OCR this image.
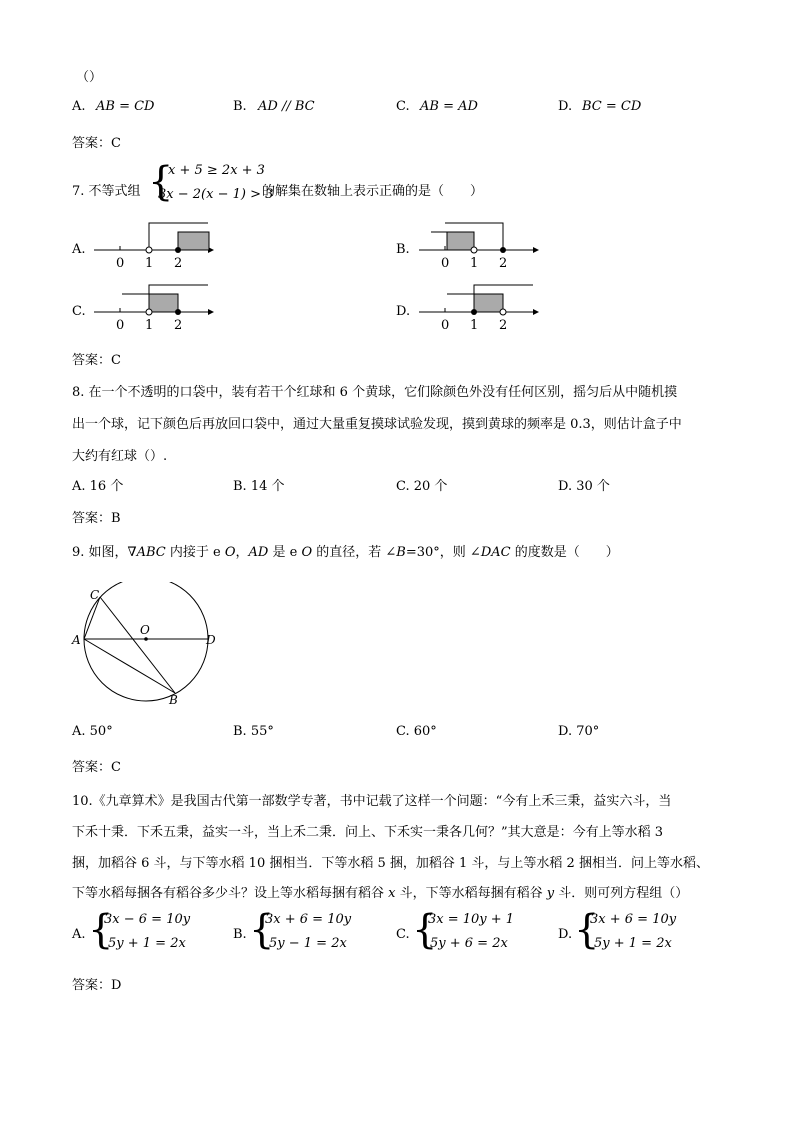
（）
A. AB = CD	B. AD // BC	C. AB = AD	D. BC = CD
答案：C
7. 不等式组 {
x + 5 ≥ 2x + 3
3x − 2(x − 1) > 3
的解集在数轴上表示正确的是（　　）
A.
0 1 2
B.
0 1 2
C.
0 1 2
D.
0 1 2
答案：C
8. 在一个不透明的口袋中，装有若干个红球和 6 个黄球，它们除颜色外没有任何区别，摇匀后从中随机摸
出一个球，记下颜色后再放回口袋中，通过大量重复摸球试验发现，摸到黄球的频率是 0.3，则估计盒子中
大约有红球（）.
A. 16 个	B. 14 个	C. 20 个	D. 30 个
答案：B
9. 如图，∇ABC 内接于 e O，AD 是 e O 的直径，若 ∠B=30°，则 ∠DAC 的度数是（　　）
C
O
A	D
B
A. 50°	B. 55°	C. 60°	D. 70°
答案：C
10.《九章算术》是我国古代第一部数学专著，书中记载了这样一个问题：“今有上禾三秉，益实六斗，当
下禾十秉．下禾五秉，益实一斗，当上禾二秉．问上、下禾实一秉各几何？”其大意是：今有上等水稻 3
捆，加稻谷 6 斗，与下等水稻 10 捆相当．下等水稻 5 捆，加稻谷 1 斗，与上等水稻 2 捆相当．问上等水稻、
下等水稻每捆各有稻谷多少斗？设上等水稻每捆有稻谷 x 斗，下等水稻每捆有稻谷 y 斗．则可列方程组（）
A. {
3x − 6 = 10y
5y + 1 = 2x
B. {
3x + 6 = 10y
5y − 1 = 2x
C. {
3x = 10y + 1
5y + 6 = 2x
D. {
3x + 6 = 10y
5y + 1 = 2x
答案：D
